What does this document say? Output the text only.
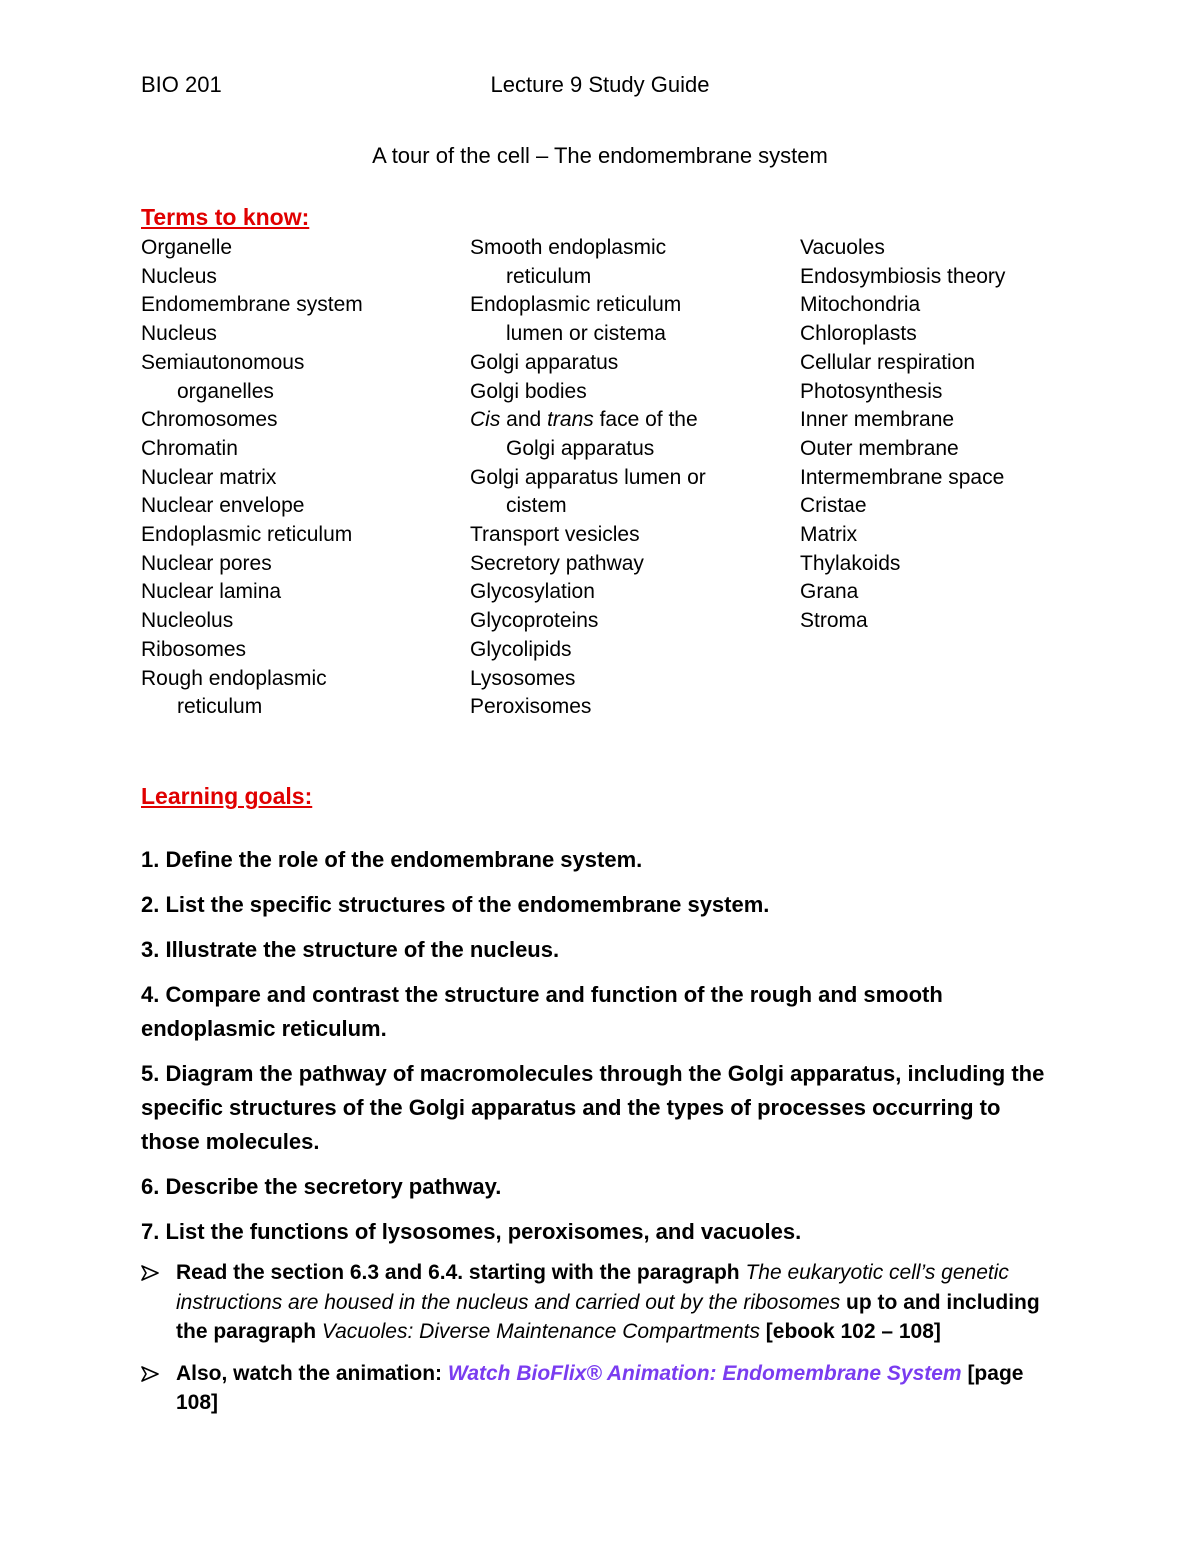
BIO 201	Lecture 9 Study Guide
A tour of the cell – The endomembrane system
Terms to know:
Organelle
Nucleus
Endomembrane system
Nucleus
Semiautonomous
organelles
Chromosomes
Chromatin
Nuclear matrix
Nuclear envelope
Endoplasmic reticulum
Nuclear pores
Nuclear lamina
Nucleolus
Ribosomes
Rough endoplasmic
reticulum
Smooth endoplasmic
reticulum
Endoplasmic reticulum
lumen or cistema
Golgi apparatus
Golgi bodies
Cis and trans face of the
Golgi apparatus
Golgi apparatus lumen or
cistem
Transport vesicles
Secretory pathway
Glycosylation
Glycoproteins
Glycolipids
Lysosomes
Peroxisomes
Vacuoles
Endosymbiosis theory
Mitochondria
Chloroplasts
Cellular respiration
Photosynthesis
Inner membrane
Outer membrane
Intermembrane space
Cristae
Matrix
Thylakoids
Grana
Stroma
Learning goals:
1. Define the role of the endomembrane system.
2. List the specific structures of the endomembrane system.
3. Illustrate the structure of the nucleus.
4. Compare and contrast the structure and function of the rough and smooth endoplasmic reticulum.
5. Diagram the pathway of macromolecules through the Golgi apparatus, including the specific structures of the Golgi apparatus and the types of processes occurring to those molecules.
6. Describe the secretory pathway.
7. List the functions of lysosomes, peroxisomes, and vacuoles.
Read the section 6.3 and 6.4. starting with the paragraph The eukaryotic cell’s genetic instructions are housed in the nucleus and carried out by the ribosomes up to and including the paragraph Vacuoles: Diverse Maintenance Compartments [ebook 102 – 108]
Also, watch the animation: Watch BioFlix® Animation: Endomembrane System [page 108]
